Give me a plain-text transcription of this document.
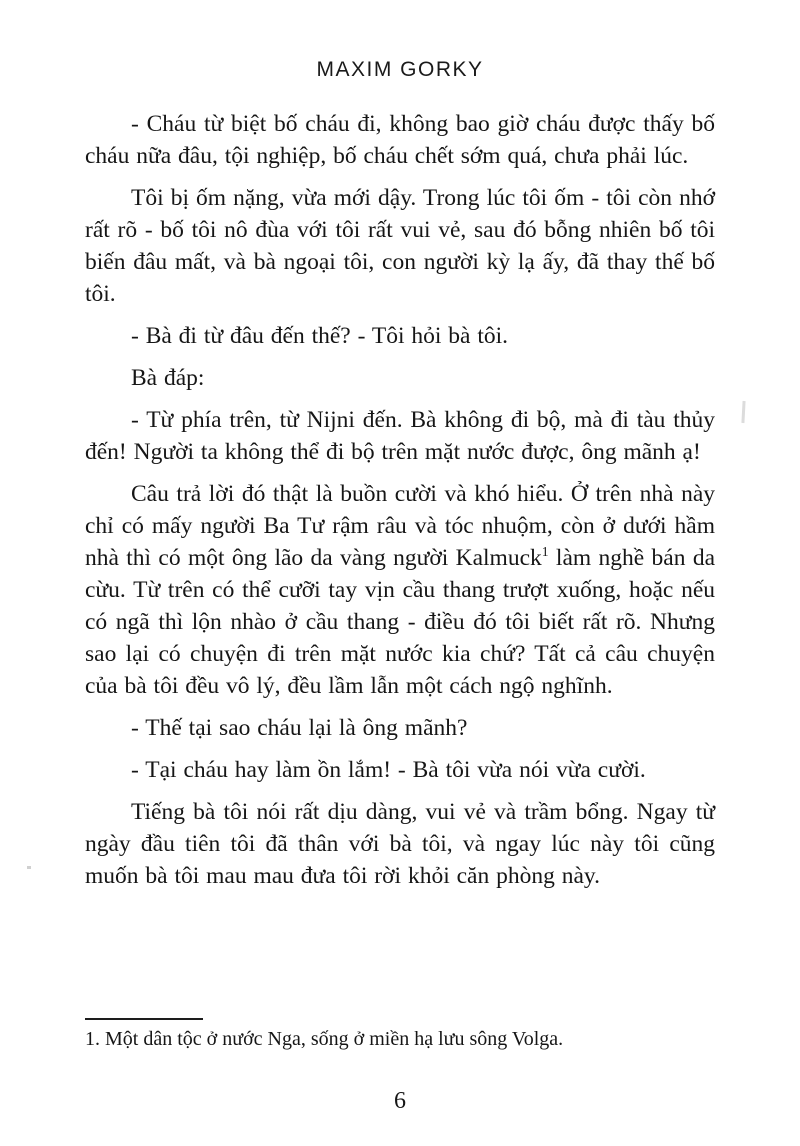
MAXIM GORKY

- Cháu từ biệt bố cháu đi, không bao giờ cháu được thấy bố cháu nữa đâu, tội nghiệp, bố cháu chết sớm quá, chưa phải lúc.

Tôi bị ốm nặng, vừa mới dậy. Trong lúc tôi ốm - tôi còn nhớ rất rõ - bố tôi nô đùa với tôi rất vui vẻ, sau đó bỗng nhiên bố tôi biến đâu mất, và bà ngoại tôi, con người kỳ lạ ấy, đã thay thế bố tôi.

- Bà đi từ đâu đến thế? - Tôi hỏi bà tôi.

Bà đáp:

- Từ phía trên, từ Nijni đến. Bà không đi bộ, mà đi tàu thủy đến! Người ta không thể đi bộ trên mặt nước được, ông mãnh ạ!

Câu trả lời đó thật là buồn cười và khó hiểu. Ở trên nhà này chỉ có mấy người Ba Tư rậm râu và tóc nhuộm, còn ở dưới hầm nhà thì có một ông lão da vàng người Kalmuck$^1$ làm nghề bán da cừu. Từ trên có thể cưỡi tay vịn cầu thang trượt xuống, hoặc nếu có ngã thì lộn nhào ở cầu thang - điều đó tôi biết rất rõ. Nhưng sao lại có chuyện đi trên mặt nước kia chứ? Tất cả câu chuyện của bà tôi đều vô lý, đều lầm lẫn một cách ngộ nghĩnh.

- Thế tại sao cháu lại là ông mãnh?

- Tại cháu hay làm ồn lắm! - Bà tôi vừa nói vừa cười.

Tiếng bà tôi nói rất dịu dàng, vui vẻ và trầm bổng. Ngay từ ngày đầu tiên tôi đã thân với bà tôi, và ngay lúc này tôi cũng muốn bà tôi mau mau đưa tôi rời khỏi căn phòng này.

1. Một dân tộc ở nước Nga, sống ở miền hạ lưu sông Volga.
6
